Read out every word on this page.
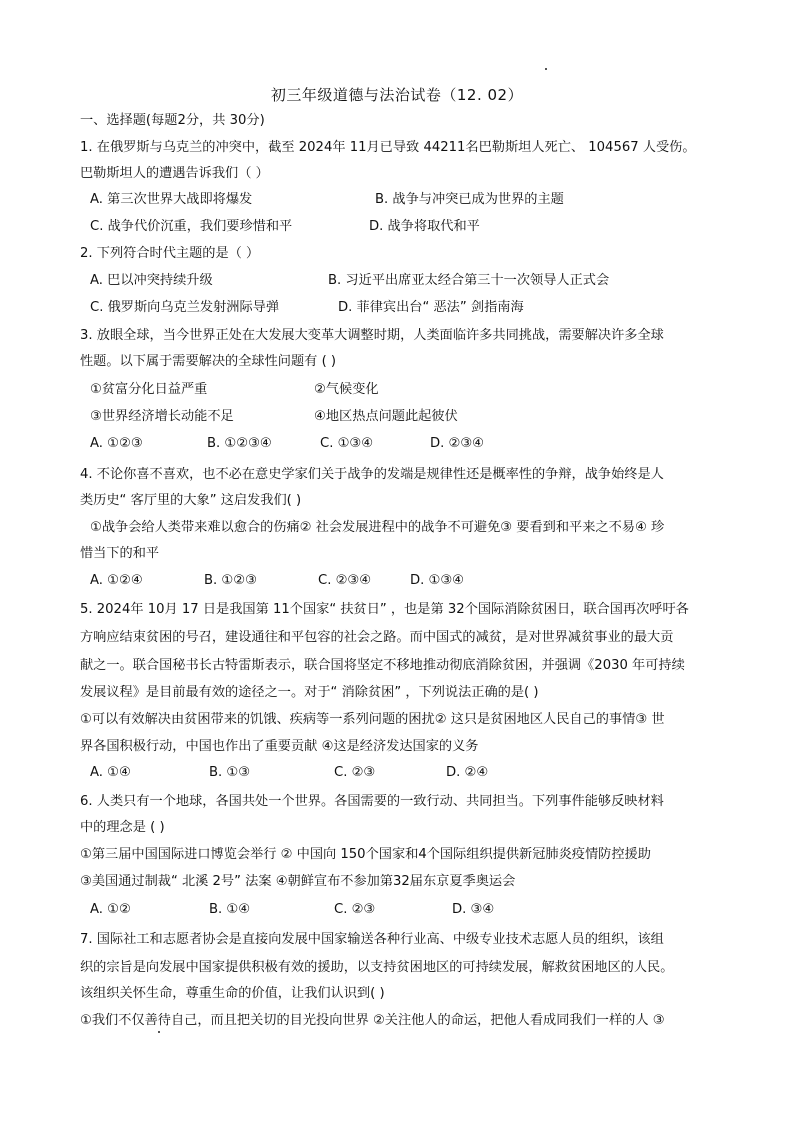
初三年级道德与法治试卷（12. 02）
一、选择题(每题2分，共 30分)
1. 在俄罗斯与乌克兰的冲突中，截至 2024年 11月已导致 44211名巴勒斯坦人死亡、 104567 人受伤。
巴勒斯坦人的遭遇告诉我们（ ）
A. 第三次世界大战即将爆发	B. 战争与冲突已成为世界的主题
C. 战争代价沉重，我们要珍惜和平	D. 战争将取代和平
2. 下列符合时代主题的是（ ）
A. 巴以冲突持续升级	B. 习近平出席亚太经合第三十一次领导人正式会
C. 俄罗斯向乌克兰发射洲际导弹	D. 菲律宾出台“ 恶法” 剑指南海
3. 放眼全球，当今世界正处在大发展大变革大调整时期，人类面临许多共同挑战，需要解决许多全球
性题。以下属于需要解决的全球性问题有 ( )
①贫富分化日益严重	②气候变化
③世界经济增长动能不足	④地区热点问题此起彼伏
A. ①②③	B. ①②③④	C. ①③④	D. ②③④
4. 不论你喜不喜欢，也不必在意史学家们关于战争的发端是规律性还是概率性的争辩，战争始终是人
类历史“ 客厅里的大象” 这启发我们( )
①战争会给人类带来难以愈合的伤痛② 社会发展进程中的战争不可避免③ 要看到和平来之不易④ 珍
惜当下的和平
A. ①②④	B. ①②③	C. ②③④	D. ①③④
5. 2024年 10月 17 日是我国第 11个国家“ 扶贫日” ，也是第 32个国际消除贫困日，联合国再次呼吁各
方响应结束贫困的号召，建设通往和平包容的社会之路。而中国式的减贫，是对世界减贫事业的最大贡
献之一。联合国秘书长古特雷斯表示，联合国将坚定不移地推动彻底消除贫困，并强调《2030 年可持续
发展议程》是目前最有效的途径之一。对于“ 消除贫困” ，下列说法正确的是( )
①可以有效解决由贫困带来的饥饿、疾病等一系列问题的困扰② 这只是贫困地区人民自己的事情③ 世
界各国积极行动，中国也作出了重要贡献 ④这是经济发达国家的义务
A. ①④	B. ①③	C. ②③	D. ②④
6. 人类只有一个地球，各国共处一个世界。各国需要的一致行动、共同担当。下列事件能够反映材料
中的理念是 ( )
①第三届中国国际进口博览会举行 ② 中国向 150个国家和4个国际组织提供新冠肺炎疫情防控援助
③美国通过制裁“ 北溪 2号” 法案 ④朝鲜宣布不参加第32届东京夏季奥运会
A. ①②	B. ①④	C. ②③	D. ③④
7. 国际社工和志愿者协会是直接向发展中国家输送各种行业高、中级专业技术志愿人员的组织，该组
织的宗旨是向发展中国家提供积极有效的援助，以支持贫困地区的可持续发展，解救贫困地区的人民。
该组织关怀生命，尊重生命的价值，让我们认识到( )
①我们不仅善待自己，而且把关切的目光投向世界 ②关注他人的命运，把他人看成同我们一样的人 ③
